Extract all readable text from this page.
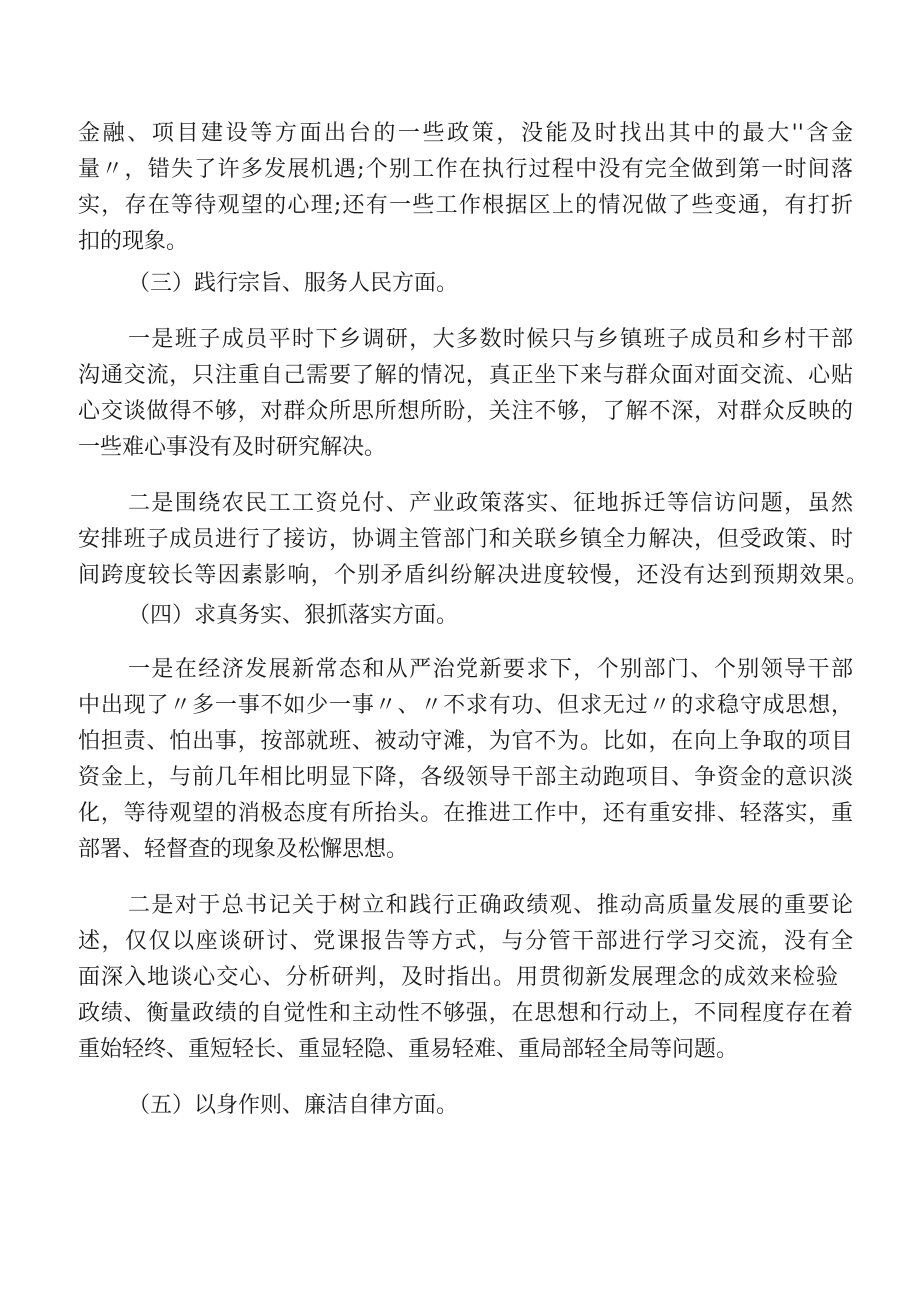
金融、项目建设等方面出台的一些政策，没能及时找出其中的最大''含金

量〃，错失了许多发展机遇;个别工作在执行过程中没有完全做到第一时间落

实，存在等待观望的心理;还有一些工作根据区上的情况做了些变通，有打折

扣的现象。

（三）践行宗旨、服务人民方面。

一是班子成员平时下乡调研，大多数时候只与乡镇班子成员和乡村干部

沟通交流，只注重自己需要了解的情况，真正坐下来与群众面对面交流、心贴

心交谈做得不够，对群众所思所想所盼，关注不够，了解不深，对群众反映的

一些难心事没有及时研究解决。

二是围绕农民工工资兑付、产业政策落实、征地拆迁等信访问题，虽然

安排班子成员进行了接访，协调主管部门和关联乡镇全力解决，但受政策、时

间跨度较长等因素影响，个别矛盾纠纷解决进度较慢，还没有达到预期效果。

（四）求真务实、狠抓落实方面。

一是在经济发展新常态和从严治党新要求下，个别部门、个别领导干部

中出现了〃多一事不如少一事〃、〃不求有功、但求无过〃的求稳守成思想，

怕担责、怕出事，按部就班、被动守滩，为官不为。比如，在向上争取的项目

资金上，与前几年相比明显下降，各级领导干部主动跑项目、争资金的意识淡

化，等待观望的消极态度有所抬头。在推进工作中，还有重安排、轻落实，重

部署、轻督查的现象及松懈思想。

二是对于总书记关于树立和践行正确政绩观、推动高质量发展的重要论

述，仅仅以座谈研讨、党课报告等方式，与分管干部进行学习交流，没有全

面深入地谈心交心、分析研判，及时指出。用贯彻新发展理念的成效来检验

政绩、衡量政绩的自觉性和主动性不够强，在思想和行动上，不同程度存在着

重始轻终、重短轻长、重显轻隐、重易轻难、重局部轻全局等问题。

（五）以身作则、廉洁自律方面。
